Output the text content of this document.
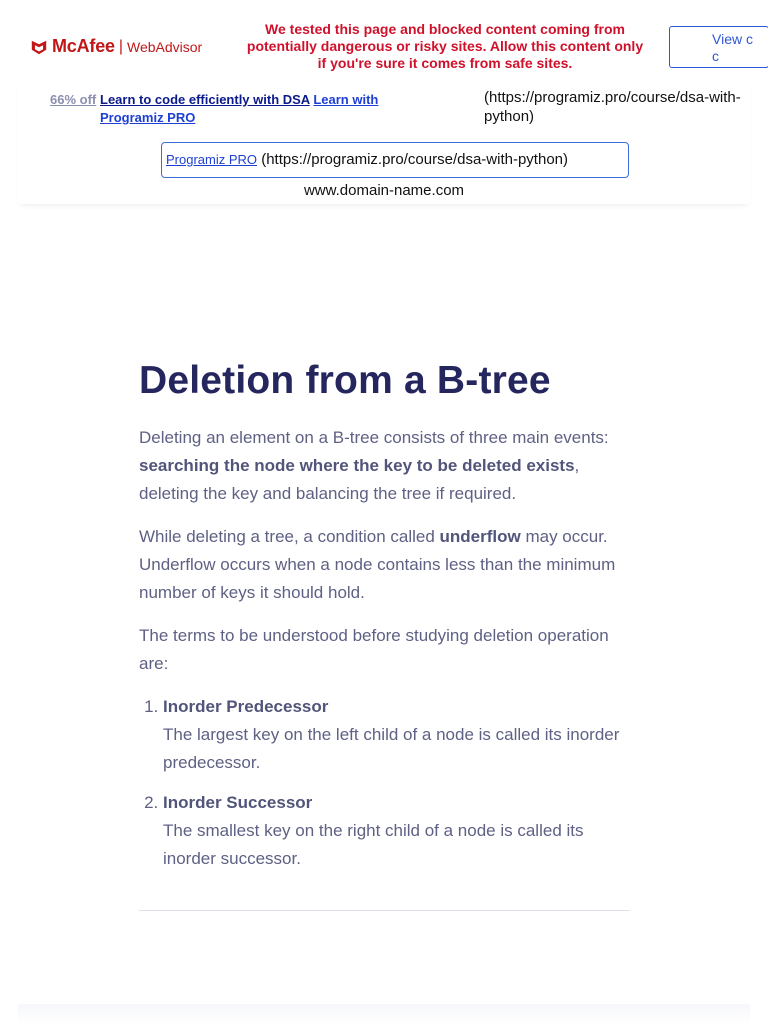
McAfee | WebAdvisor
We tested this page and blocked content coming from potentially dangerous or risky sites. Allow this content only if you're sure it comes from safe sites.
View c
c
66% off Learn to code efficiently with DSA Learn with Programiz PRO
(https://programiz.pro/course/dsa-with-python)
Programiz PRO (https://programiz.pro/course/dsa-with-python)
www.domain-name.com
Deletion from a B-tree

Deleting an element on a B-tree consists of three main events: searching the node where the key to be deleted exists, deleting the key and balancing the tree if required.

While deleting a tree, a condition called underflow may occur. Underflow occurs when a node contains less than the minimum number of keys it should hold.

The terms to be understood before studying deletion operation are:

1. Inorder Predecessor
The largest key on the left child of a node is called its inorder predecessor.
2. Inorder Successor
The smallest key on the right child of a node is called its inorder successor.
